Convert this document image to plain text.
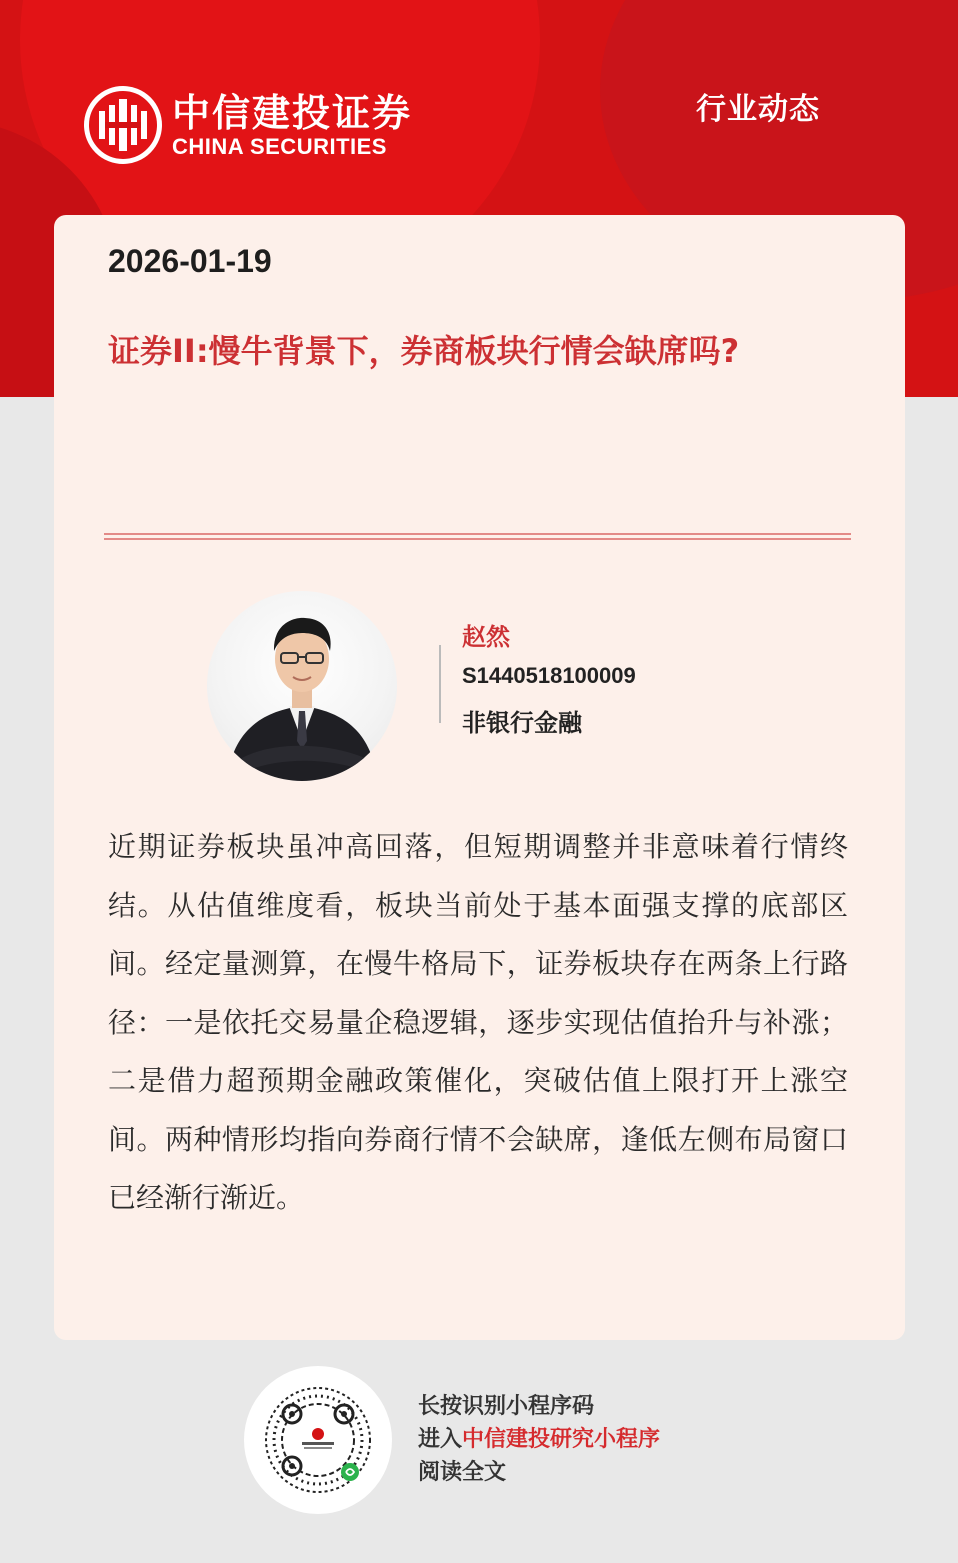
中信建投证券
CHINA SECURITIES
行业动态
2026-01-19
证券II:慢牛背景下，券商板块行情会缺席吗?
赵然
S1440518100009
非银行金融
近期证券板块虽冲高回落，但短期调整并非意味着行情终结。从估值维度看，板块当前处于基本面强支撑的底部区间。经定量测算，在慢牛格局下，证券板块存在两条上行路径：一是依托交易量企稳逻辑，逐步实现估值抬升与补涨；二是借力超预期金融政策催化，突破估值上限打开上涨空间。两种情形均指向券商行情不会缺席，逢低左侧布局窗口已经渐行渐近。
长按识别小程序码
进入中信建投研究小程序
阅读全文
